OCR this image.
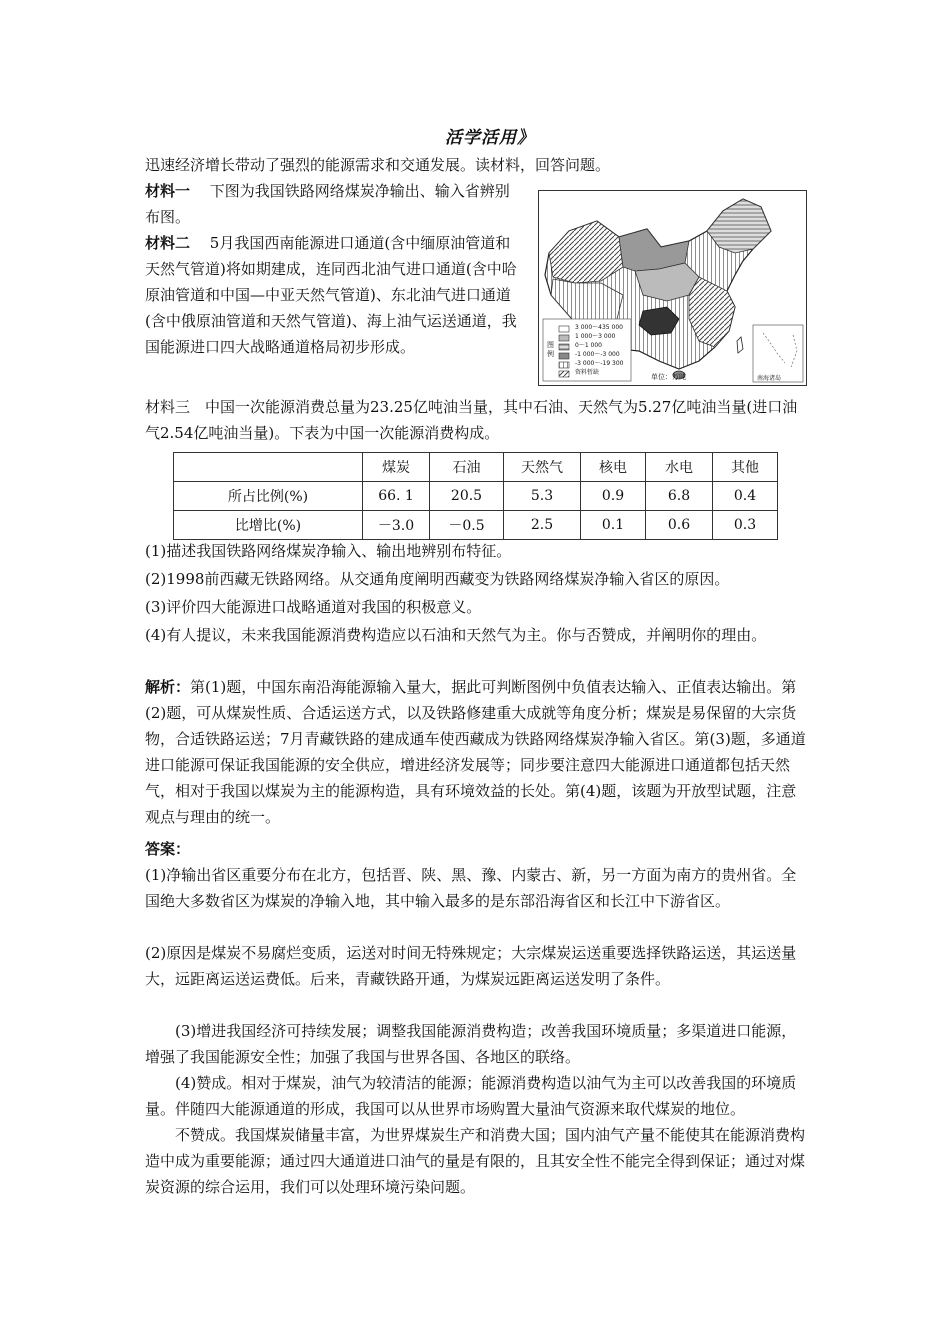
活学活用》
迅速经济增长带动了强烈的能源需求和交通发展。读材料，回答问题。
材料一　 下图为我国铁路网络煤炭净输出、输入省辨别布图。
材料二　 5月我国西南能源进口通道(含中缅原油管道和天然气管道)将如期建成，连同西北油气进口通道(含中哈原油管道和中国—中亚天然气管道)、东北油气进口通道(含中俄原油管道和天然气管道)、海上油气运送通道，我国能源进口四大战略通道格局初步形成。	图例
3 000～435 000
1 000～3 000
0～1 000
-1 000～-3 000
-3 000～-19 300
资料暂缺
单位：万吨	南海诸岛
材料三　中国一次能源消费总量为23.25亿吨油当量，其中石油、天然气为5.27亿吨油当量(进口油气2.54亿吨油当量)。下表为中国一次能源消费构成。
	煤炭	石油	天然气	核电	水电	其他
所占比例(%)	66. 1	20.5	5.3	0.9	6.8	0.4
比增比(%)	－3.0	－0.5	2.5	0.1	0.6	0.3
(1)描述我国铁路网络煤炭净输入、输出地辨别布特征。
(2)1998前西藏无铁路网络。从交通角度阐明西藏变为铁路网络煤炭净输入省区的原因。
(3)评价四大能源进口战略通道对我国的积极意义。
(4)有人提议，未来我国能源消费构造应以石油和天然气为主。你与否赞成，并阐明你的理由。
解析：第(1)题，中国东南沿海能源输入量大，据此可判断图例中负值表达输入、正值表达输出。第(2)题，可从煤炭性质、合适运送方式，以及铁路修建重大成就等角度分析；煤炭是易保留的大宗货物，合适铁路运送；7月青藏铁路的建成通车使西藏成为铁路网络煤炭净输入省区。第(3)题，多通道进口能源可保证我国能源的安全供应，增进经济发展等；同步要注意四大能源进口通道都包括天然气，相对于我国以煤炭为主的能源构造，具有环境效益的长处。第(4)题，该题为开放型试题，注意观点与理由的统一。
答案：
(1)净输出省区重要分布在北方，包括晋、陕、黑、豫、内蒙古、新，另一方面为南方的贵州省。全国绝大多数省区为煤炭的净输入地，其中输入最多的是东部沿海省区和长江中下游省区。
(2)原因是煤炭不易腐烂变质，运送对时间无特殊规定；大宗煤炭运送重要选择铁路运送，其运送量大，远距离运送运费低。后来，青藏铁路开通，为煤炭远距离运送发明了条件。
(3)增进我国经济可持续发展；调整我国能源消费构造；改善我国环境质量；多渠道进口能源，增强了我国能源安全性；加强了我国与世界各国、各地区的联络。
(4)赞成。相对于煤炭，油气为较清洁的能源；能源消费构造以油气为主可以改善我国的环境质量。伴随四大能源通道的形成，我国可以从世界市场购置大量油气资源来取代煤炭的地位。
不赞成。我国煤炭储量丰富，为世界煤炭生产和消费大国；国内油气产量不能使其在能源消费构造中成为重要能源；通过四大通道进口油气的量是有限的，且其安全性不能完全得到保证；通过对煤炭资源的综合运用，我们可以处理环境污染问题。
